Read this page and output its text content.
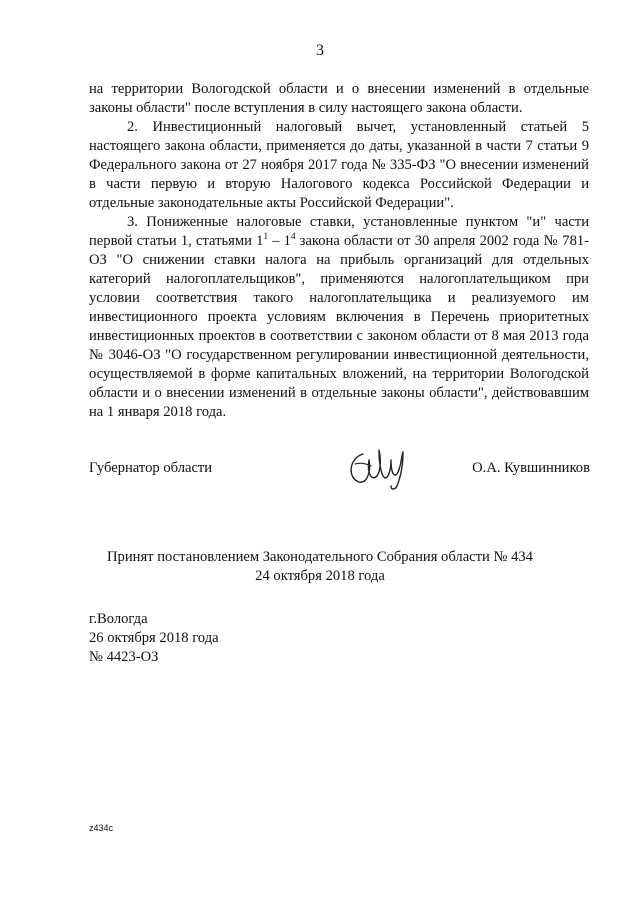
3

на территории Вологодской области и о внесении изменений в отдельные законы области" после вступления в силу настоящего закона области.

2. Инвестиционный налоговый вычет, установленный статьей 5 настоящего закона области, применяется до даты, указанной в части 7 статьи 9 Федерального закона от 27 ноября 2017 года № 335-ФЗ "О внесении изменений в части первую и вторую Налогового кодекса Российской Федерации и отдельные законодательные акты Российской Федерации".

3. Пониженные налоговые ставки, установленные пунктом "и" части первой статьи 1, статьями $1^1 - 1^4$ закона области от 30 апреля 2002 года № 781-ОЗ "О снижении ставки налога на прибыль организаций для отдельных категорий налогоплательщиков", применяются налогоплательщиком при условии соответствия такого налогоплательщика и реализуемого им инвестиционного проекта условиям включения в Перечень приоритетных инвестиционных проектов в соответствии с законом области от 8 мая 2013 года № 3046-ОЗ "О государственном регулировании инвестиционной деятельности, осуществляемой в форме капитальных вложений, на территории Вологодской области и о внесении изменений в отдельные законы области", действовавшим на 1 января 2018 года.

Губернатор области	О.А. Кувшинников
Принят постановлением Законодательного Собрания области № 434
24 октября 2018 года
г.Вологда
26 октября 2018 года
№ 4423-ОЗ
z434c
